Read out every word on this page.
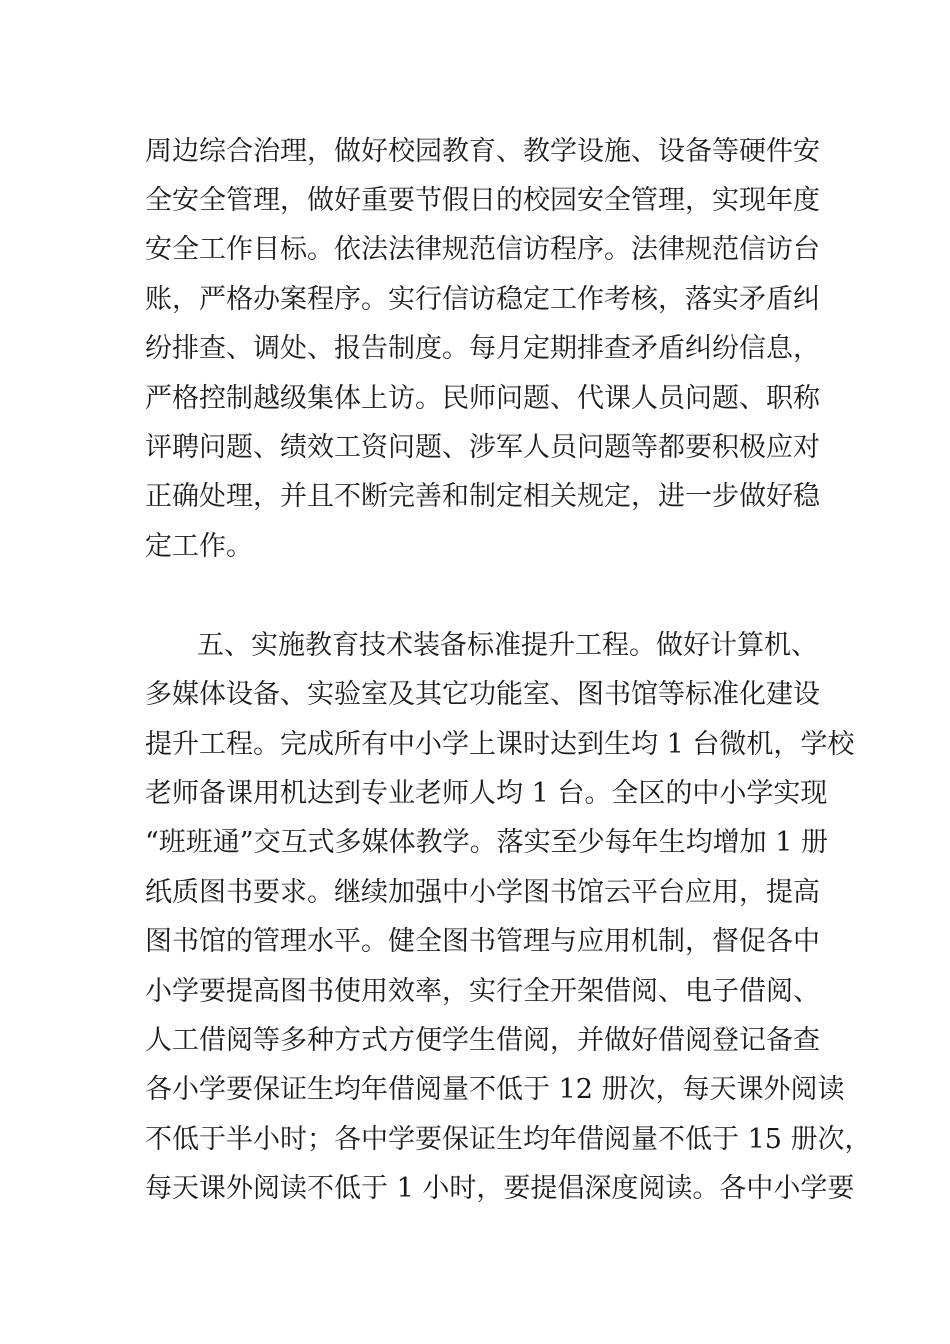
周边综合治理，做好校园教育、教学设施、设备等硬件安

全安全管理，做好重要节假日的校园安全管理，实现年度

安全工作目标。依法法律规范信访程序。法律规范信访台

账，严格办案程序。实行信访稳定工作考核，落实矛盾纠

纷排查、调处、报告制度。每月定期排查矛盾纠纷信息，

严格控制越级集体上访。民师问题、代课人员问题、职称

评聘问题、绩效工资问题、涉军人员问题等都要积极应对

正确处理，并且不断完善和制定相关规定，进一步做好稳

定工作。

五、实施教育技术装备标准提升工程。做好计算机、

多媒体设备、实验室及其它功能室、图书馆等标准化建设

提升工程。完成所有中小学上课时达到生均 1 台微机，学校

老师备课用机达到专业老师人均 1 台。全区的中小学实现

“班班通”交互式多媒体教学。落实至少每年生均增加 1 册

纸质图书要求。继续加强中小学图书馆云平台应用，提高

图书馆的管理水平。健全图书管理与应用机制，督促各中

小学要提高图书使用效率，实行全开架借阅、电子借阅、

人工借阅等多种方式方便学生借阅，并做好借阅登记备查

各小学要保证生均年借阅量不低于 12 册次，每天课外阅读

不低于半小时；各中学要保证生均年借阅量不低于 15 册次，

每天课外阅读不低于 1 小时，要提倡深度阅读。各中小学要
